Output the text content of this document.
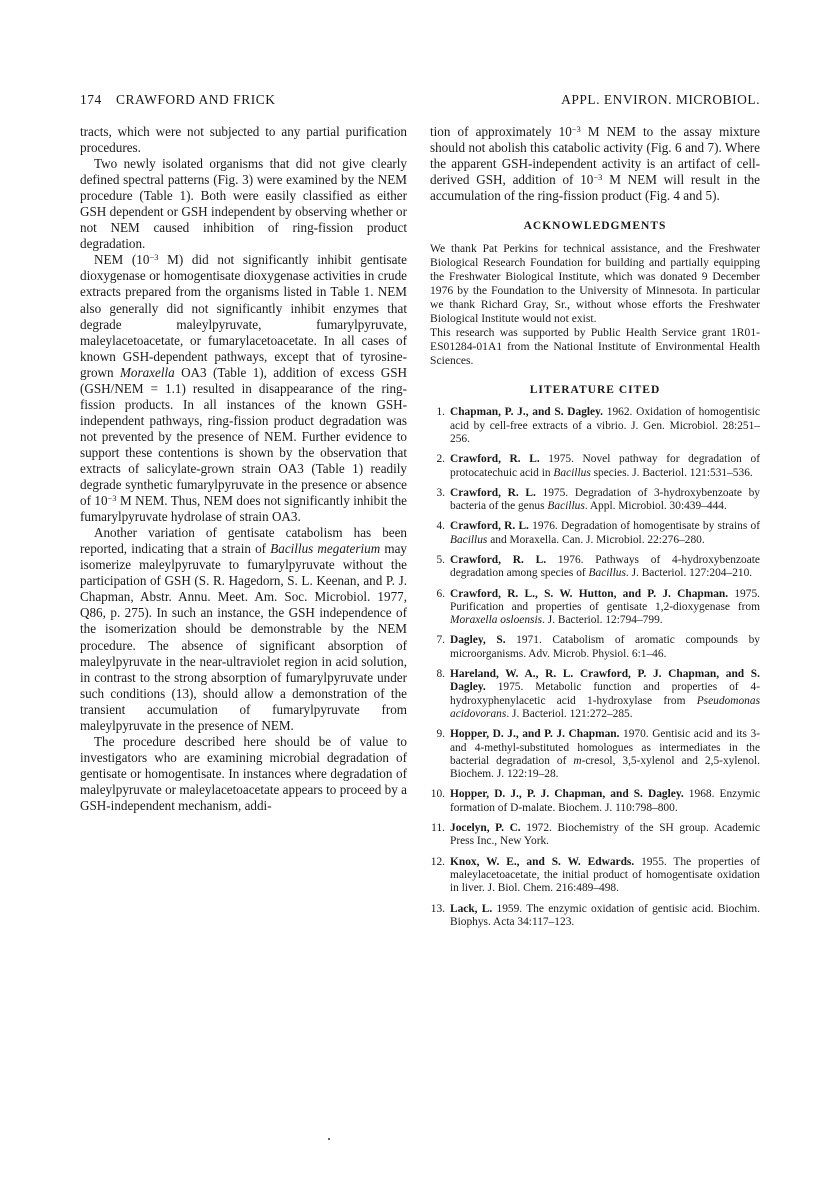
174 CRAWFORD AND FRICK	APPL. ENVIRON. MICROBIOL.

tracts, which were not subjected to any partial purification procedures.

Two newly isolated organisms that did not give clearly defined spectral patterns (Fig. 3) were examined by the NEM procedure (Table 1). Both were easily classified as either GSH dependent or GSH independent by observing whether or not NEM caused inhibition of ring-fission product degradation.

NEM ($10^{-3}$ M) did not significantly inhibit gentisate dioxygenase or homogentisate dioxygenase activities in crude extracts prepared from the organisms listed in Table 1. NEM also generally did not significantly inhibit enzymes that degrade maleylpyruvate, fumarylpyruvate, maleylacetoacetate, or fumarylacetoacetate. In all cases of known GSH-dependent pathways, except that of tyrosine-grown Moraxella OA3 (Table 1), addition of excess GSH (GSH/NEM = 1.1) resulted in disappearance of the ring-fission products. In all instances of the known GSH-independent pathways, ring-fission product degradation was not prevented by the presence of NEM. Further evidence to support these contentions is shown by the observation that extracts of salicylate-grown strain OA3 (Table 1) readily degrade synthetic fumarylpyruvate in the presence or absence of $10^{-3}$ M NEM. Thus, NEM does not significantly inhibit the fumarylpyruvate hydrolase of strain OA3.

Another variation of gentisate catabolism has been reported, indicating that a strain of Bacillus megaterium may isomerize maleylpyruvate to fumarylpyruvate without the participation of GSH (S. R. Hagedorn, S. L. Keenan, and P. J. Chapman, Abstr. Annu. Meet. Am. Soc. Microbiol. 1977, Q86, p. 275). In such an instance, the GSH independence of the isomerization should be demonstrable by the NEM procedure. The absence of significant absorption of maleylpyruvate in the near-ultraviolet region in acid solution, in contrast to the strong absorption of fumarylpyruvate under such conditions (13), should allow a demonstration of the transient accumulation of fumarylpyruvate from maleylpyruvate in the presence of NEM.

The procedure described here should be of value to investigators who are examining microbial degradation of gentisate or homogentisate. In instances where degradation of maleylpyruvate or maleylacetoacetate appears to proceed by a GSH-independent mechanism, addi-

tion of approximately $10^{-3}$ M NEM to the assay mixture should not abolish this catabolic activity (Fig. 6 and 7). Where the apparent GSH-independent activity is an artifact of cell-derived GSH, addition of $10^{-3}$ M NEM will result in the accumulation of the ring-fission product (Fig. 4 and 5).

ACKNOWLEDGMENTS

We thank Pat Perkins for technical assistance, and the Freshwater Biological Research Foundation for building and partially equipping the Freshwater Biological Institute, which was donated 9 December 1976 by the Foundation to the University of Minnesota. In particular we thank Richard Gray, Sr., without whose efforts the Freshwater Biological Institute would not exist.

This research was supported by Public Health Service grant 1R01-ES01284-01A1 from the National Institute of Environmental Health Sciences.

LITERATURE CITED
1. Chapman, P. J., and S. Dagley. 1962. Oxidation of homogentisic acid by cell-free extracts of a vibrio. J. Gen. Microbiol. 28:251–256.
2. Crawford, R. L. 1975. Novel pathway for degradation of protocatechuic acid in Bacillus species. J. Bacteriol. 121:531–536.
3. Crawford, R. L. 1975. Degradation of 3-hydroxybenzoate by bacteria of the genus Bacillus. Appl. Microbiol. 30:439–444.
4. Crawford, R. L. 1976. Degradation of homogentisate by strains of Bacillus and Moraxella. Can. J. Microbiol. 22:276–280.
5. Crawford, R. L. 1976. Pathways of 4-hydroxybenzoate degradation among species of Bacillus. J. Bacteriol. 127:204–210.
6. Crawford, R. L., S. W. Hutton, and P. J. Chapman. 1975. Purification and properties of gentisate 1,2-dioxygenase from Moraxella osloensis. J. Bacteriol. 12:794–799.
7. Dagley, S. 1971. Catabolism of aromatic compounds by microorganisms. Adv. Microb. Physiol. 6:1–46.
8. Hareland, W. A., R. L. Crawford, P. J. Chapman, and S. Dagley. 1975. Metabolic function and properties of 4-hydroxyphenylacetic acid 1-hydroxylase from Pseudomonas acidovorans. J. Bacteriol. 121:272–285.
9. Hopper, D. J., and P. J. Chapman. 1970. Gentisic acid and its 3- and 4-methyl-substituted homologues as intermediates in the bacterial degradation of m-cresol, 3,5-xylenol and 2,5-xylenol. Biochem. J. 122:19–28.
10. Hopper, D. J., P. J. Chapman, and S. Dagley. 1968. Enzymic formation of D-malate. Biochem. J. 110:798–800.
11. Jocelyn, P. C. 1972. Biochemistry of the SH group. Academic Press Inc., New York.
12. Knox, W. E., and S. W. Edwards. 1955. The properties of maleylacetoacetate, the initial product of homogentisate oxidation in liver. J. Biol. Chem. 216:489–498.
13. Lack, L. 1959. The enzymic oxidation of gentisic acid. Biochim. Biophys. Acta 34:117–123.
